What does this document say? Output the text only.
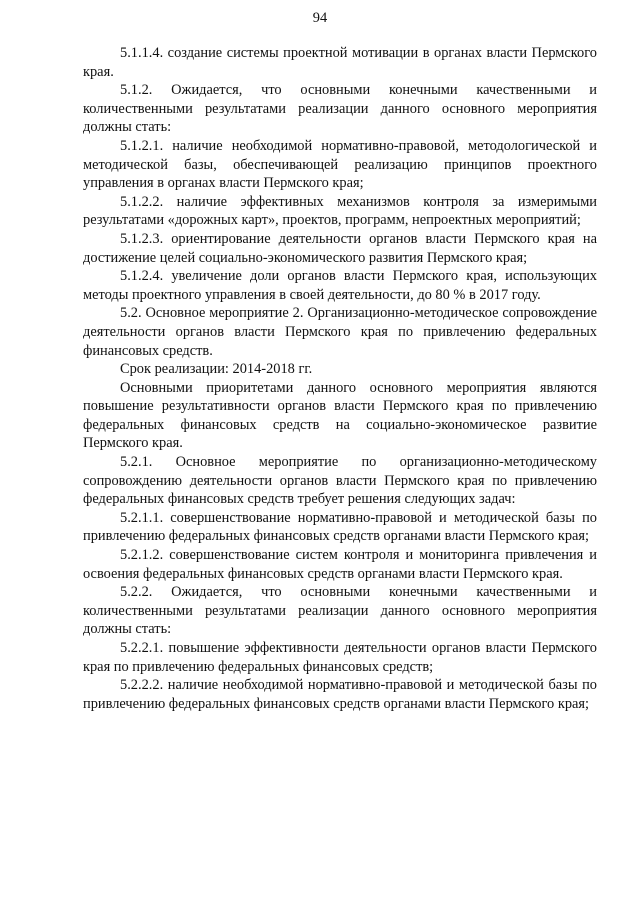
94

5.1.1.4. создание системы проектной мотивации в органах власти Пермского края.

5.1.2. Ожидается, что основными конечными качественными и количественными результатами реализации данного основного мероприятия должны стать:

5.1.2.1. наличие необходимой нормативно-правовой, методологической и методической базы, обеспечивающей реализацию принципов проектного управления в органах власти Пермского края;

5.1.2.2. наличие эффективных механизмов контроля за измеримыми результатами «дорожных карт», проектов, программ, непроектных мероприятий;

5.1.2.3. ориентирование деятельности органов власти Пермского края на достижение целей социально-экономического развития Пермского края;

5.1.2.4. увеличение доли органов власти Пермского края, использующих методы проектного управления в своей деятельности, до 80 % в 2017 году.

5.2. Основное мероприятие 2. Организационно-методическое сопровождение деятельности органов власти Пермского края по привлечению федеральных финансовых средств.

Срок реализации: 2014-2018 гг.

Основными приоритетами данного основного мероприятия являются повышение результативности органов власти Пермского края по привлечению федеральных финансовых средств на социально-экономическое развитие Пермского края.

5.2.1. Основное мероприятие по организационно-методическому сопровождению деятельности органов власти Пермского края по привлечению федеральных финансовых средств требует решения следующих задач:

5.2.1.1. совершенствование нормативно-правовой и методической базы по привлечению федеральных финансовых средств органами власти Пермского края;

5.2.1.2. совершенствование систем контроля и мониторинга привлечения и освоения федеральных финансовых средств органами власти Пермского края.

5.2.2. Ожидается, что основными конечными качественными и количественными результатами реализации данного основного мероприятия должны стать:

5.2.2.1. повышение эффективности деятельности органов власти Пермского края по привлечению федеральных финансовых средств;

5.2.2.2. наличие необходимой нормативно-правовой и методической базы по привлечению федеральных финансовых средств органами власти Пермского края;
